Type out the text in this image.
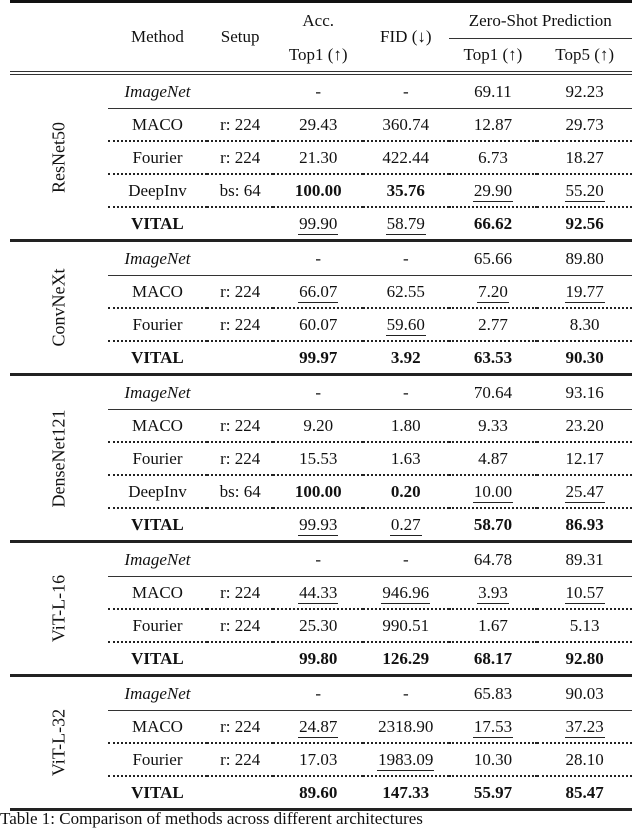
	Method	Setup	Acc.	FID (↓)	Zero-Shot Prediction	
			Top1 (↑)		Top1 (↑)	Top5 (↑)

ResNet50	ImageNet		-	-	69.11	92.23
	MACO	r: 224	29.43	360.74	12.87	29.73
	Fourier	r: 224	21.30	422.44	6.73	18.27
	DeepInv	bs: 64	100.00	35.76	29.90	55.20
	VITAL		99.90	58.79	66.62	92.56

ConvNeXt	ImageNet		-	-	65.66	89.80
	MACO	r: 224	66.07	62.55	7.20	19.77
	Fourier	r: 224	60.07	59.60	2.77	8.30
	VITAL		99.97	3.92	63.53	90.30

DenseNet121	ImageNet		-	-	70.64	93.16
	MACO	r: 224	9.20	1.80	9.33	23.20
	Fourier	r: 224	15.53	1.63	4.87	12.17
	DeepInv	bs: 64	100.00	0.20	10.00	25.47
	VITAL		99.93	0.27	58.70	86.93

ViT-L-16	ImageNet		-	-	64.78	89.31
	MACO	r: 224	44.33	946.96	3.93	10.57
	Fourier	r: 224	25.30	990.51	1.67	5.13
	VITAL		99.80	126.29	68.17	92.80

ViT-L-32	ImageNet		-	-	65.83	90.03
	MACO	r: 224	24.87	2318.90	17.53	37.23
	Fourier	r: 224	17.03	1983.09	10.30	28.10
	VITAL		89.60	147.33	55.97	85.47
Table 1: Comparison of methods across different architectures
